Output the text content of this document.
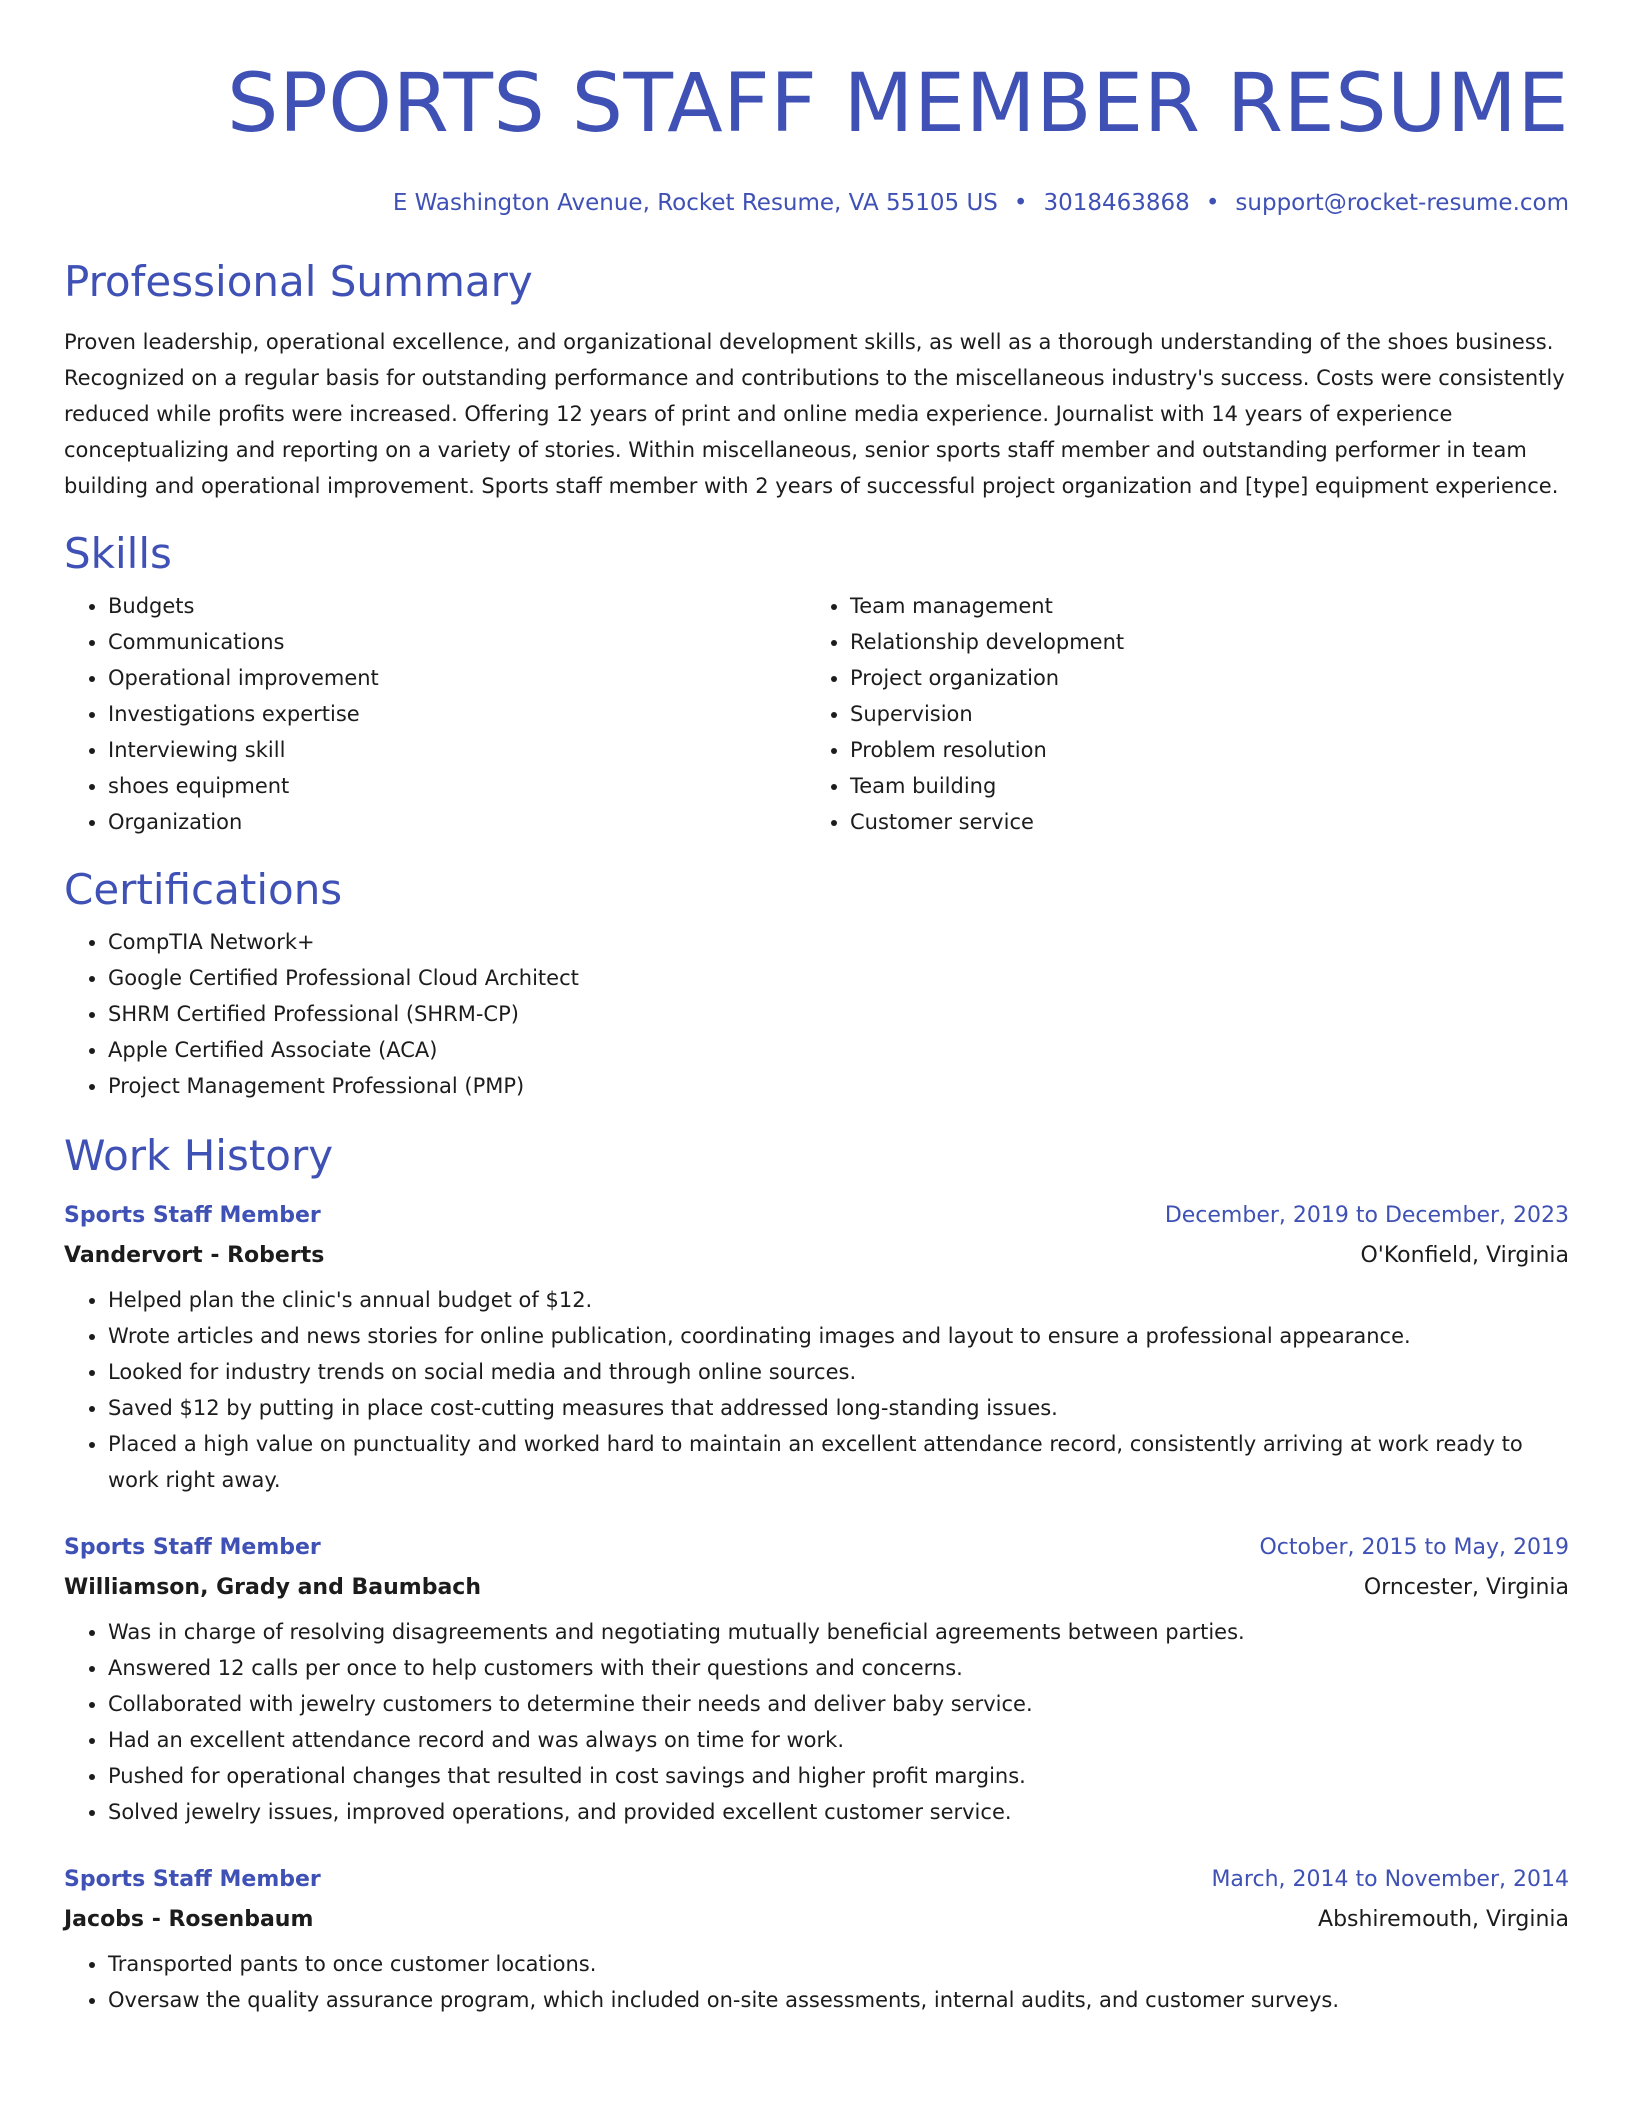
SPORTS STAFF MEMBER RESUME
E Washington Avenue, Rocket Resume, VA 55105 US • 3018463868 • support@rocket-resume.com
Professional Summary

Proven leadership, operational excellence, and organizational development skills, as well as a thorough understanding of the shoes business. Recognized on a regular basis for outstanding performance and contributions to the miscellaneous industry's success. Costs were consistently reduced while profits were increased. Offering 12 years of print and online media experience. Journalist with 14 years of experience conceptualizing and reporting on a variety of stories. Within miscellaneous, senior sports staff member and outstanding performer in team building and operational improvement. Sports staff member with 2 years of successful project organization and [type] equipment experience.

Skills
• Budgets
• Communications
• Operational improvement
• Investigations expertise
• Interviewing skill
• shoes equipment
• Organization
• Team management
• Relationship development
• Project organization
• Supervision
• Problem resolution
• Team building
• Customer service
Certifications
• CompTIA Network+
• Google Certified Professional Cloud Architect
• SHRM Certified Professional (SHRM-CP)
• Apple Certified Associate (ACA)
• Project Management Professional (PMP)
Work History
Sports Staff Member	December, 2019 to December, 2023
Vandervort - Roberts	O'Konfield, Virginia
• Helped plan the clinic's annual budget of $12.
• Wrote articles and news stories for online publication, coordinating images and layout to ensure a professional appearance.
• Looked for industry trends on social media and through online sources.
• Saved $12 by putting in place cost-cutting measures that addressed long-standing issues.
• Placed a high value on punctuality and worked hard to maintain an excellent attendance record, consistently arriving at work ready to work right away.
Sports Staff Member	October, 2015 to May, 2019
Williamson, Grady and Baumbach	Orncester, Virginia
• Was in charge of resolving disagreements and negotiating mutually beneficial agreements between parties.
• Answered 12 calls per once to help customers with their questions and concerns.
• Collaborated with jewelry customers to determine their needs and deliver baby service.
• Had an excellent attendance record and was always on time for work.
• Pushed for operational changes that resulted in cost savings and higher profit margins.
• Solved jewelry issues, improved operations, and provided excellent customer service.
Sports Staff Member	March, 2014 to November, 2014
Jacobs - Rosenbaum	Abshiremouth, Virginia
• Transported pants to once customer locations.
• Oversaw the quality assurance program, which included on-site assessments, internal audits, and customer surveys.
